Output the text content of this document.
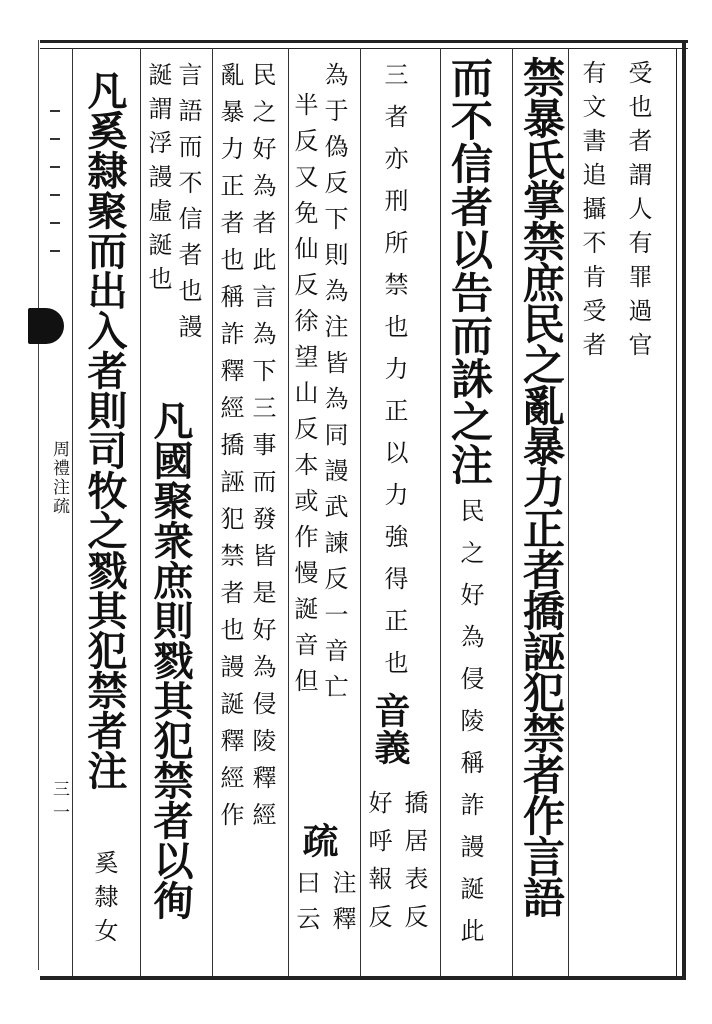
周禮注疏
三一
受也者謂人有罪過官
有文書追攝不肯受者
禁暴氏掌禁庶民之亂暴力正者撟誣犯禁者作言語
而不信者以告而誅之注
民之好為侵陵稱詐謾誕此
三者亦刑所禁也力正以力強得正也
音義
撟居表反
好呼報反
為于偽反下則為注皆為同謾武諫反一音亡
疏
注釋
半反又免仙反徐望山反本或作慢誕音但
曰云
民之好為者此言為下三事而發皆是好為侵陵釋經
亂暴力正者也稱詐釋經撟誣犯禁者也謾誕釋經作
言語而不信者也謾
凡國聚衆庶則戮其犯禁者以徇
誕謂浮謾虛誕也
凡奚隸聚而出入者則司牧之戮其犯禁者注
奚隸女
